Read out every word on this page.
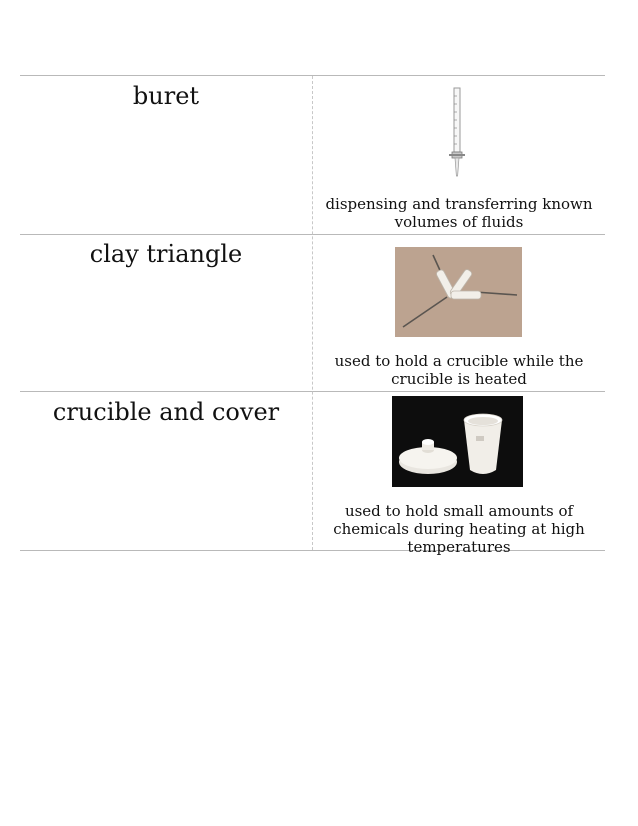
buret
dispensing and transferring known volumes of fluids
clay triangle
used to hold a crucible while the crucible is heated
crucible and cover
used to hold small amounts of chemicals during heating at high temperatures
